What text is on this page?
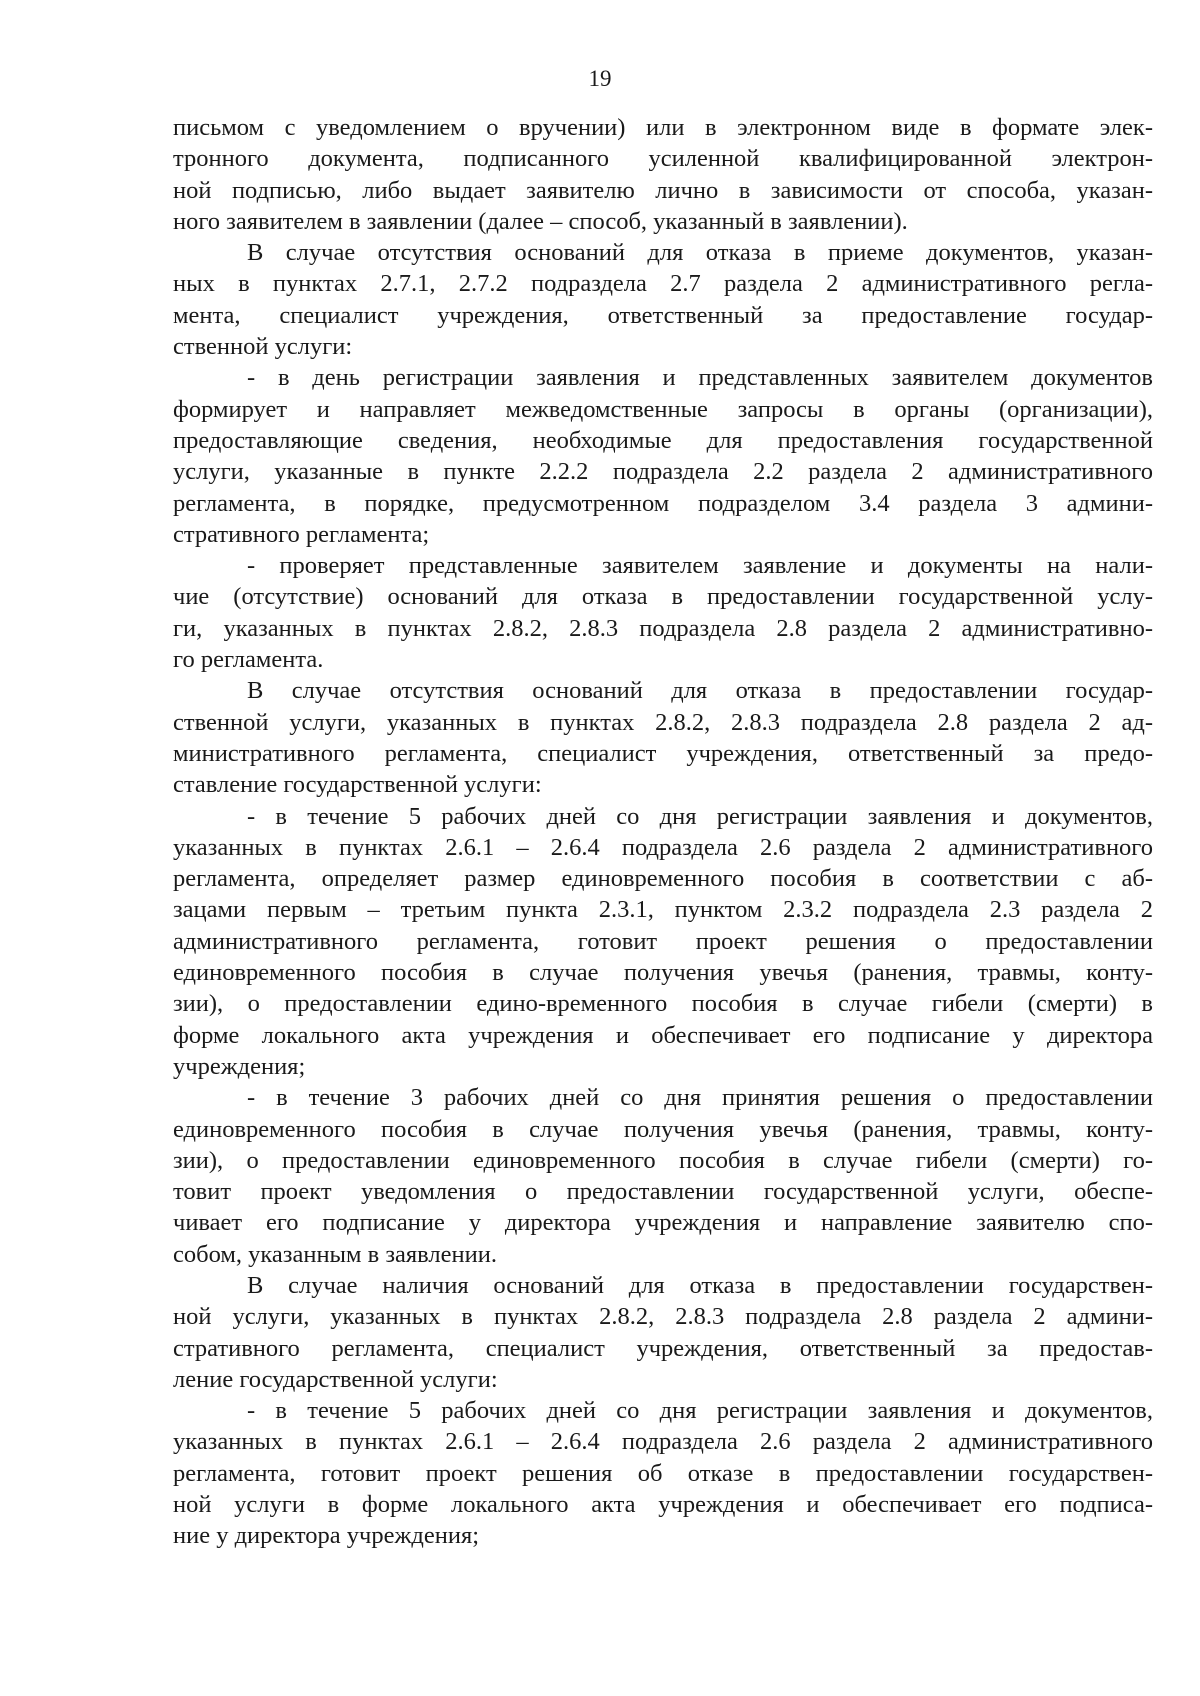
19
письмом с уведомлением о вручении) или в электронном виде в формате элек-
тронного документа, подписанного усиленной квалифицированной электрон-
ной подписью, либо выдает заявителю лично в зависимости от способа, указан-
ного заявителем в заявлении (далее – способ, указанный в заявлении).
В случае отсутствия оснований для отказа в приеме документов, указан-
ных в пунктах 2.7.1, 2.7.2 подраздела 2.7 раздела 2 административного регла-
мента, специалист учреждения, ответственный за предоставление государ-
ственной услуги:
- в день регистрации заявления и представленных заявителем документов
формирует и направляет межведомственные запросы в органы (организации),
предоставляющие сведения, необходимые для предоставления государственной
услуги, указанные в пункте 2.2.2 подраздела 2.2 раздела 2 административного
регламента, в порядке, предусмотренном подразделом 3.4 раздела 3 админи-
стративного регламента;
- проверяет представленные заявителем заявление и документы на нали-
чие (отсутствие) оснований для отказа в предоставлении государственной услу-
ги, указанных в пунктах 2.8.2, 2.8.3 подраздела 2.8 раздела 2 административно-
го регламента.
В случае отсутствия оснований для отказа в предоставлении государ-
ственной услуги, указанных в пунктах 2.8.2, 2.8.3 подраздела 2.8 раздела 2 ад-
министративного регламента, специалист учреждения, ответственный за предо-
ставление государственной услуги:
- в течение 5 рабочих дней со дня регистрации заявления и документов,
указанных в пунктах 2.6.1 – 2.6.4 подраздела 2.6 раздела 2 административного
регламента, определяет размер единовременного пособия в соответствии с аб-
зацами первым – третьим пункта 2.3.1, пунктом 2.3.2 подраздела 2.3 раздела 2
административного регламента, готовит проект решения о предоставлении
единовременного пособия в случае получения увечья (ранения, травмы, конту-
зии), о предоставлении едино-временного пособия в случае гибели (смерти) в
форме локального акта учреждения и обеспечивает его подписание у директора
учреждения;
- в течение 3 рабочих дней со дня принятия решения о предоставлении
единовременного пособия в случае получения увечья (ранения, травмы, конту-
зии), о предоставлении единовременного пособия в случае гибели (смерти) го-
товит проект уведомления о предоставлении государственной услуги, обеспе-
чивает его подписание у директора учреждения и направление заявителю спо-
собом, указанным в заявлении.
В случае наличия оснований для отказа в предоставлении государствен-
ной услуги, указанных в пунктах 2.8.2, 2.8.3 подраздела 2.8 раздела 2 админи-
стративного регламента, специалист учреждения, ответственный за предостав-
ление государственной услуги:
- в течение 5 рабочих дней со дня регистрации заявления и документов,
указанных в пунктах 2.6.1 – 2.6.4 подраздела 2.6 раздела 2 административного
регламента, готовит проект решения об отказе в предоставлении государствен-
ной услуги в форме локального акта учреждения и обеспечивает его подписа-
ние у директора учреждения;
